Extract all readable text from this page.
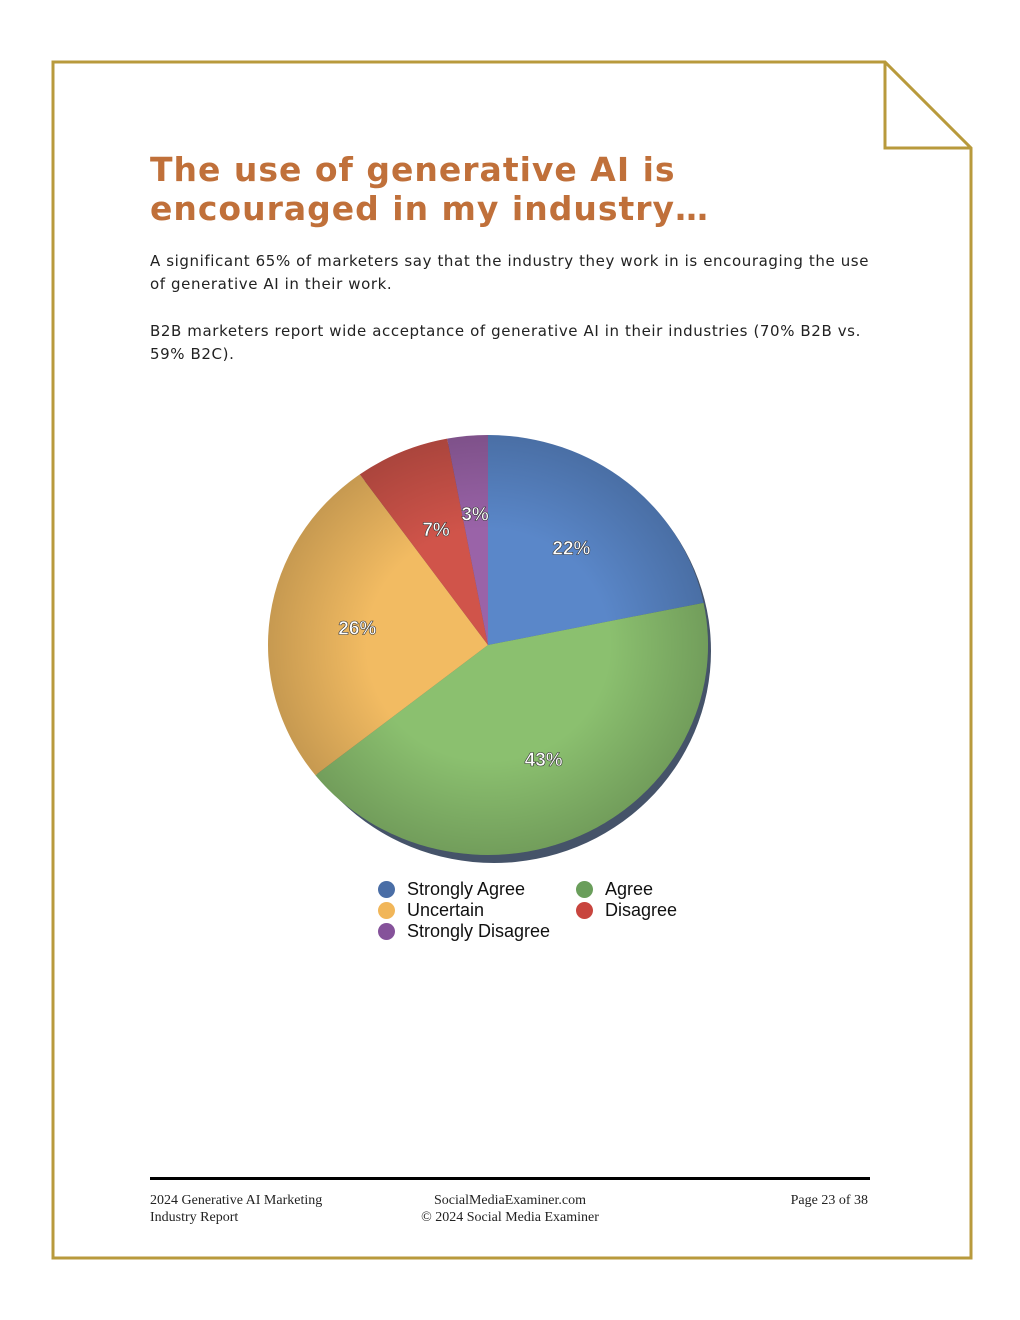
The use of generative AI is encouraged in my industry…

A significant 65% of marketers say that the industry they work in is encouraging the use of generative AI in their work.

B2B marketers report wide acceptance of generative AI in their industries (70% B2B vs. 59% B2C).

22%
43%
26%
7%
3%
Strongly Agree	Agree
Uncertain	Disagree
Strongly Disagree
2024 Generative AI Marketing
Industry Report
SocialMediaExaminer.com
© 2024 Social Media Examiner
Page 23 of 38
